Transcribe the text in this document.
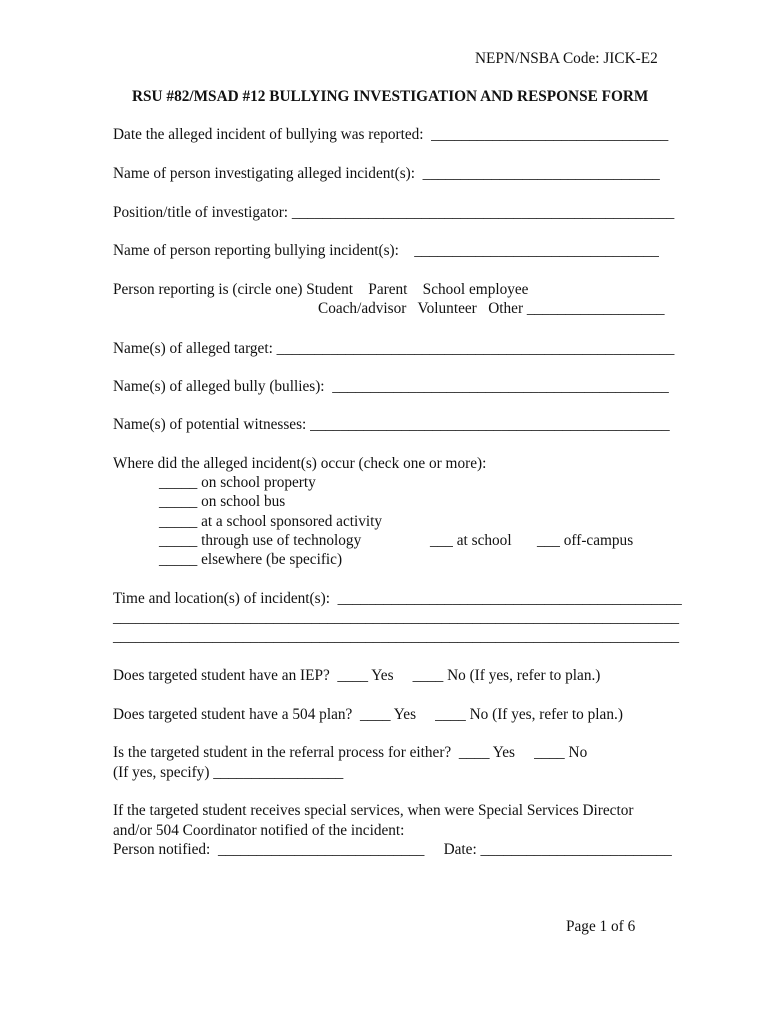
NEPN/NSBA Code: JICK-E2
RSU #82/MSAD #12 BULLYING INVESTIGATION AND RESPONSE FORM
Date the alleged incident of bullying was reported:  _______________________________
Name of person investigating alleged incident(s):  _______________________________
Position/title of investigator: __________________________________________________
Name of person reporting bullying incident(s):    ________________________________
Person reporting is (circle one) Student    Parent    School employee
Coach/advisor   Volunteer   Other __________________
Name(s) of alleged target: ____________________________________________________
Name(s) of alleged bully (bullies):  ____________________________________________
Name(s) of potential witnesses: _______________________________________________
Where did the alleged incident(s) occur (check one or more):
_____ on school property
_____ on school bus
_____ at a school sponsored activity
_____ through use of technology	___ at school ___ off-campus
_____ elsewhere (be specific)
Time and location(s) of incident(s):  _____________________________________________
__________________________________________________________________________
__________________________________________________________________________
Does targeted student have an IEP?  ____ Yes     ____ No (If yes, refer to plan.)
Does targeted student have a 504 plan?  ____ Yes     ____ No (If yes, refer to plan.)
Is the targeted student in the referral process for either?  ____ Yes     ____ No
(If yes, specify) _________________
If the targeted student receives special services, when were Special Services Director
and/or 504 Coordinator notified of the incident:
Person notified:  ___________________________     Date: _________________________
Page 1 of 6
